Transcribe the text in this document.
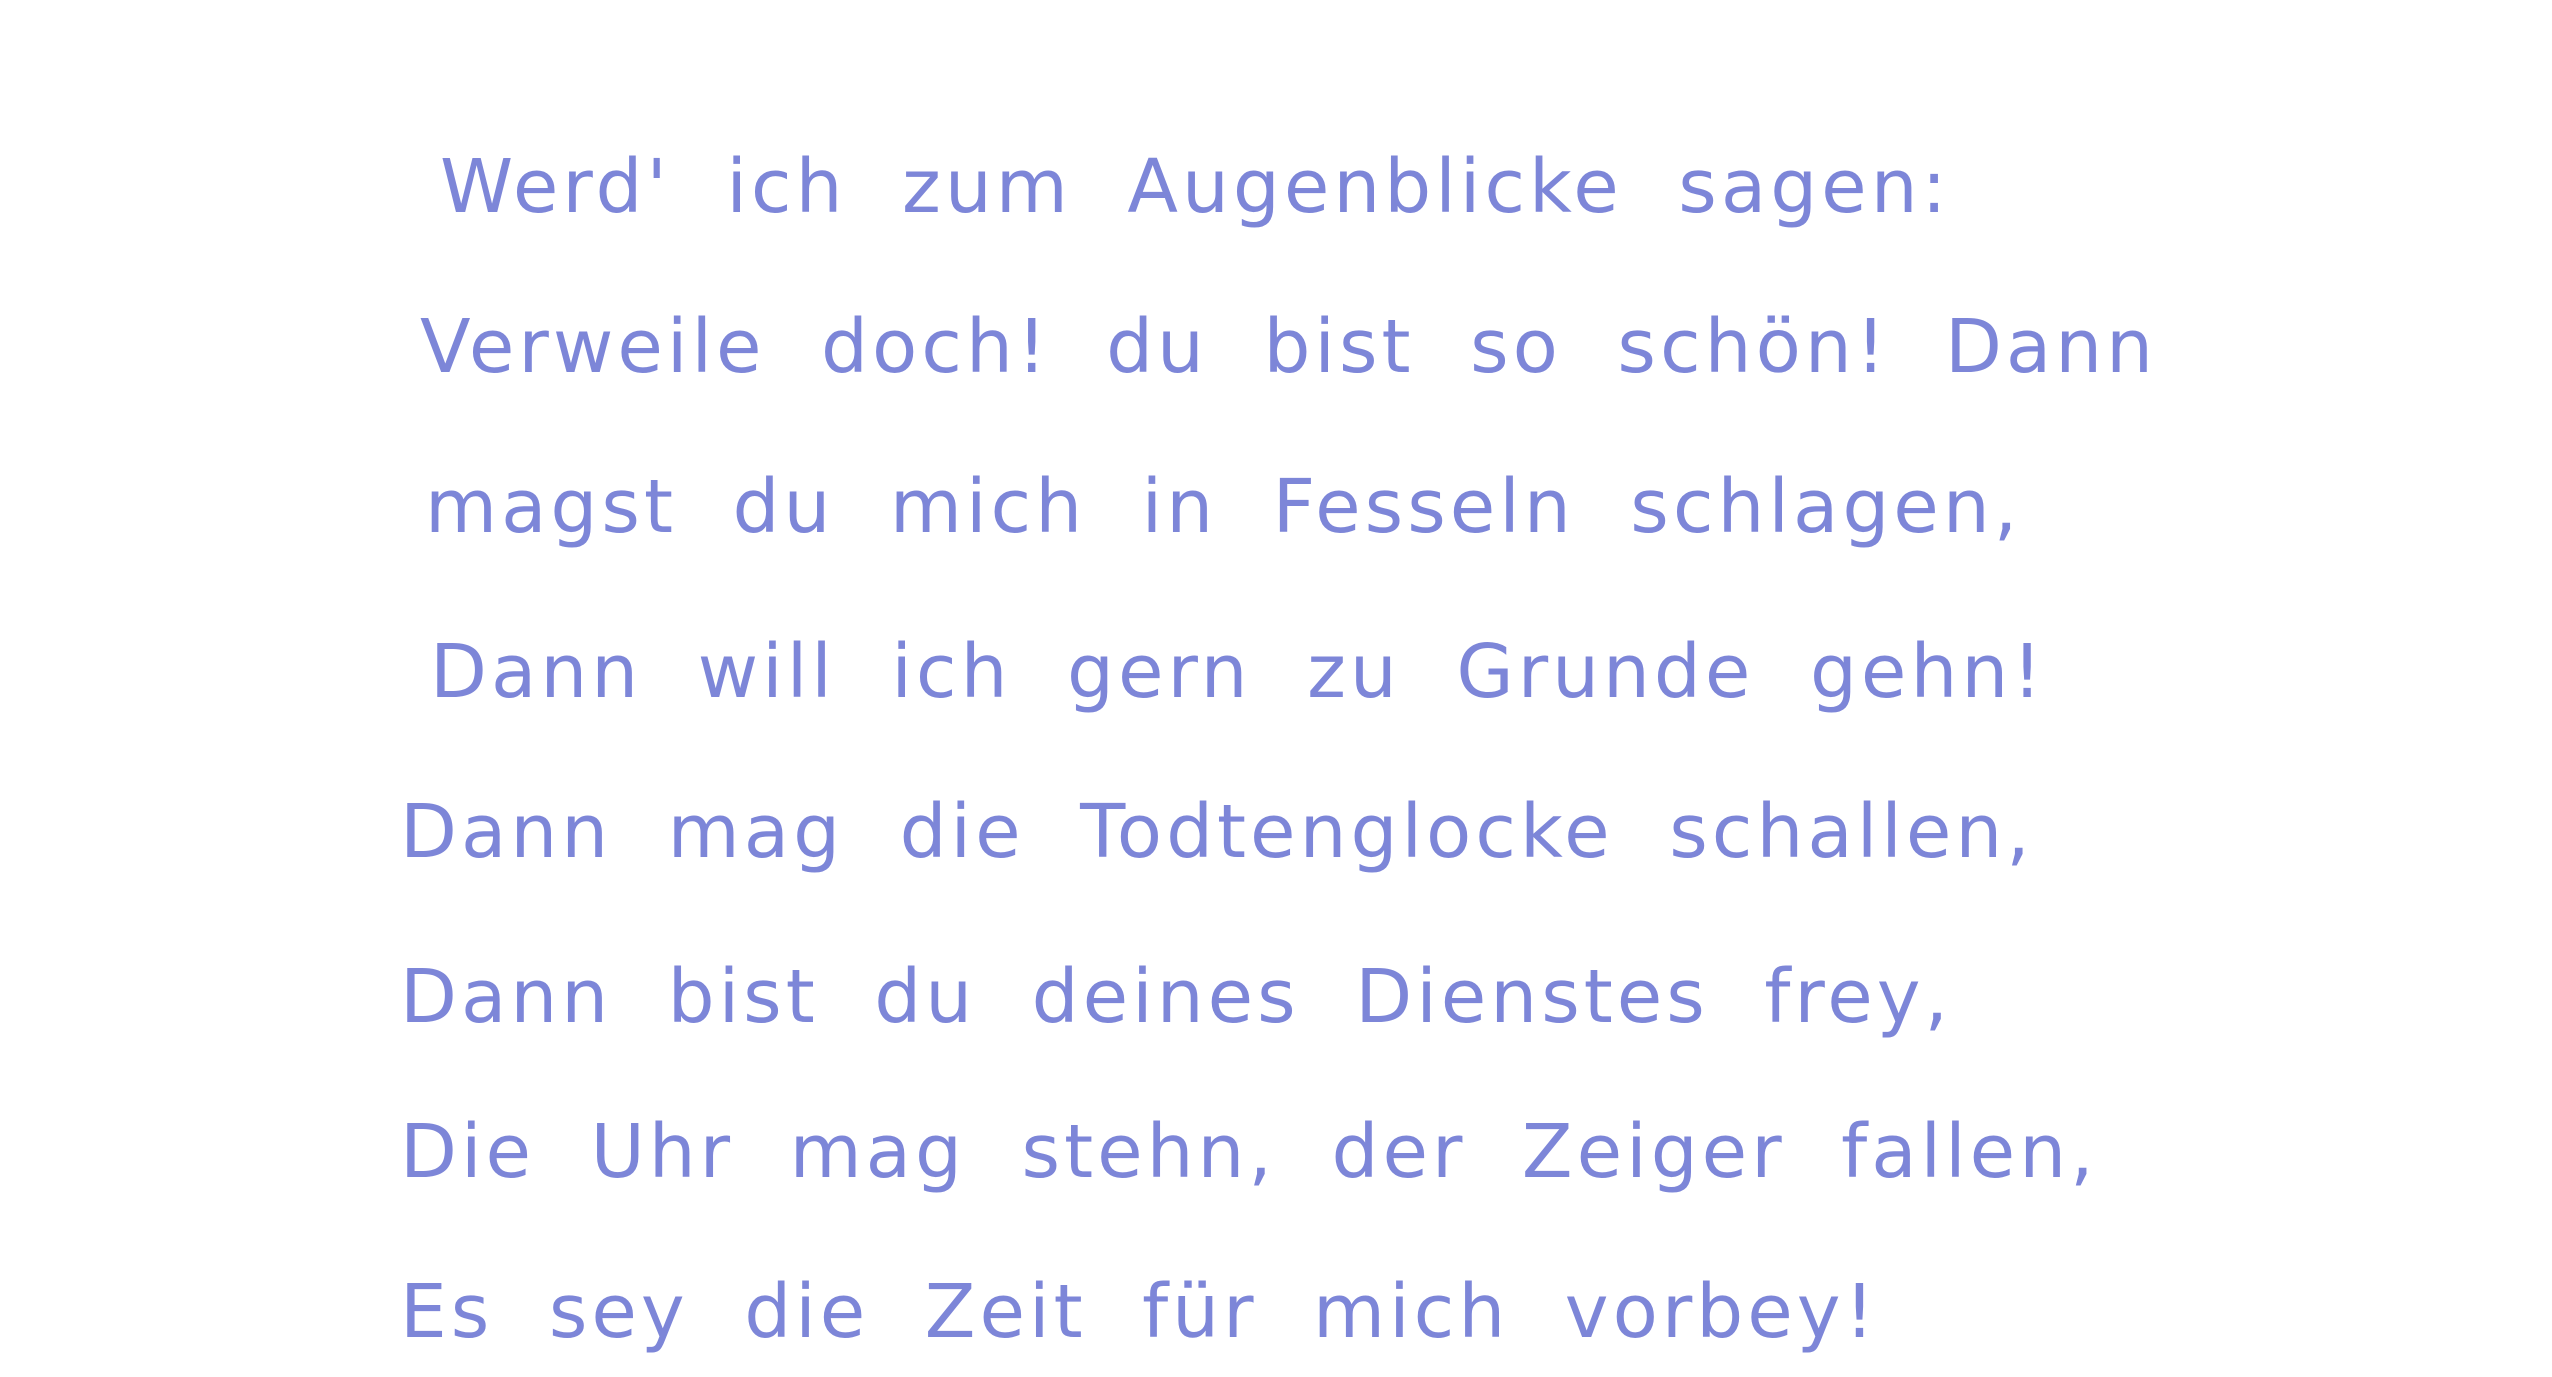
Werd' ich zum Augenblicke sagen:

Verweile doch! du bist so schön! Dann

magst du mich in Fesseln schlagen,

Dann will ich gern zu Grunde gehn!

Dann mag die Todtenglocke schallen,

Dann bist du deines Dienstes frey,

Die Uhr mag stehn, der Zeiger fallen,

Es sey die Zeit für mich vorbey!
